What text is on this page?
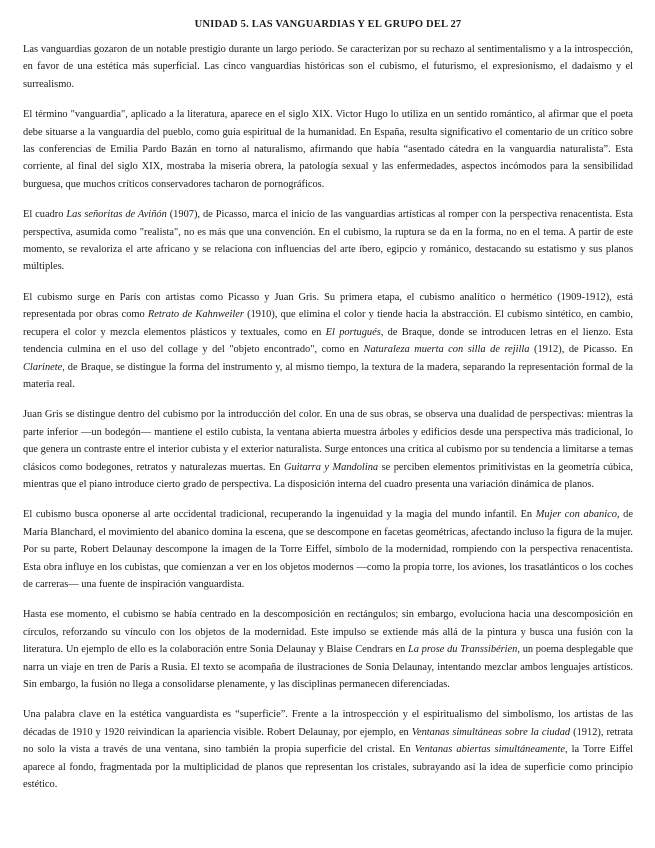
UNIDAD 5. LAS VANGUARDIAS Y EL GRUPO DEL 27

Las vanguardias gozaron de un notable prestigio durante un largo periodo. Se caracterizan por su rechazo al sentimentalismo y a la introspección, en favor de una estética más superficial. Las cinco vanguardias históricas son el cubismo, el futurismo, el expresionismo, el dadaísmo y el surrealismo.

El término "vanguardia", aplicado a la literatura, aparece en el siglo XIX. Victor Hugo lo utiliza en un sentido romántico, al afirmar que el poeta debe situarse a la vanguardia del pueblo, como guía espiritual de la humanidad. En España, resulta significativo el comentario de un crítico sobre las conferencias de Emilia Pardo Bazán en torno al naturalismo, afirmando que había “asentado cátedra en la vanguardia naturalista”. Esta corriente, al final del siglo XIX, mostraba la miseria obrera, la patología sexual y las enfermedades, aspectos incómodos para la sensibilidad burguesa, que muchos críticos conservadores tacharon de pornográficos.

El cuadro Las señoritas de Aviñón (1907), de Picasso, marca el inicio de las vanguardias artísticas al romper con la perspectiva renacentista. Esta perspectiva, asumida como "realista", no es más que una convención. En el cubismo, la ruptura se da en la forma, no en el tema. A partir de este momento, se revaloriza el arte africano y se relaciona con influencias del arte íbero, egipcio y románico, destacando su estatismo y sus planos múltiples.

El cubismo surge en París con artistas como Picasso y Juan Gris. Su primera etapa, el cubismo analítico o hermético (1909-1912), está representada por obras como Retrato de Kahnweiler (1910), que elimina el color y tiende hacia la abstracción. El cubismo sintético, en cambio, recupera el color y mezcla elementos plásticos y textuales, como en El portugués, de Braque, donde se introducen letras en el lienzo. Esta tendencia culmina en el uso del collage y del "objeto encontrado", como en Naturaleza muerta con silla de rejilla (1912), de Picasso. En Clarinete, de Braque, se distingue la forma del instrumento y, al mismo tiempo, la textura de la madera, separando la representación formal de la materia real.

Juan Gris se distingue dentro del cubismo por la introducción del color. En una de sus obras, se observa una dualidad de perspectivas: mientras la parte inferior —un bodegón— mantiene el estilo cubista, la ventana abierta muestra árboles y edificios desde una perspectiva más tradicional, lo que genera un contraste entre el interior cubista y el exterior naturalista. Surge entonces una crítica al cubismo por su tendencia a limitarse a temas clásicos como bodegones, retratos y naturalezas muertas. En Guitarra y Mandolina se perciben elementos primitivistas en la geometría cúbica, mientras que el piano introduce cierto grado de perspectiva. La disposición interna del cuadro presenta una variación dinámica de planos.

El cubismo busca oponerse al arte occidental tradicional, recuperando la ingenuidad y la magia del mundo infantil. En Mujer con abanico, de María Blanchard, el movimiento del abanico domina la escena, que se descompone en facetas geométricas, afectando incluso la figura de la mujer. Por su parte, Robert Delaunay descompone la imagen de la Torre Eiffel, símbolo de la modernidad, rompiendo con la perspectiva renacentista. Esta obra influye en los cubistas, que comienzan a ver en los objetos modernos —como la propia torre, los aviones, los trasatlánticos o los coches de carreras— una fuente de inspiración vanguardista.

Hasta ese momento, el cubismo se había centrado en la descomposición en rectángulos; sin embargo, evoluciona hacia una descomposición en círculos, reforzando su vínculo con los objetos de la modernidad. Este impulso se extiende más allá de la pintura y busca una fusión con la literatura. Un ejemplo de ello es la colaboración entre Sonia Delaunay y Blaise Cendrars en La prose du Transsibérien, un poema desplegable que narra un viaje en tren de París a Rusia. El texto se acompaña de ilustraciones de Sonia Delaunay, intentando mezclar ambos lenguajes artísticos. Sin embargo, la fusión no llega a consolidarse plenamente, y las disciplinas permanecen diferenciadas.

Una palabra clave en la estética vanguardista es “superficie”. Frente a la introspección y el espiritualismo del simbolismo, los artistas de las décadas de 1910 y 1920 reivindican la apariencia visible. Robert Delaunay, por ejemplo, en Ventanas simultáneas sobre la ciudad (1912), retrata no solo la vista a través de una ventana, sino también la propia superficie del cristal. En Ventanas abiertas simultáneamente, la Torre Eiffel aparece al fondo, fragmentada por la multiplicidad de planos que representan los cristales, subrayando así la idea de superficie como principio estético.
